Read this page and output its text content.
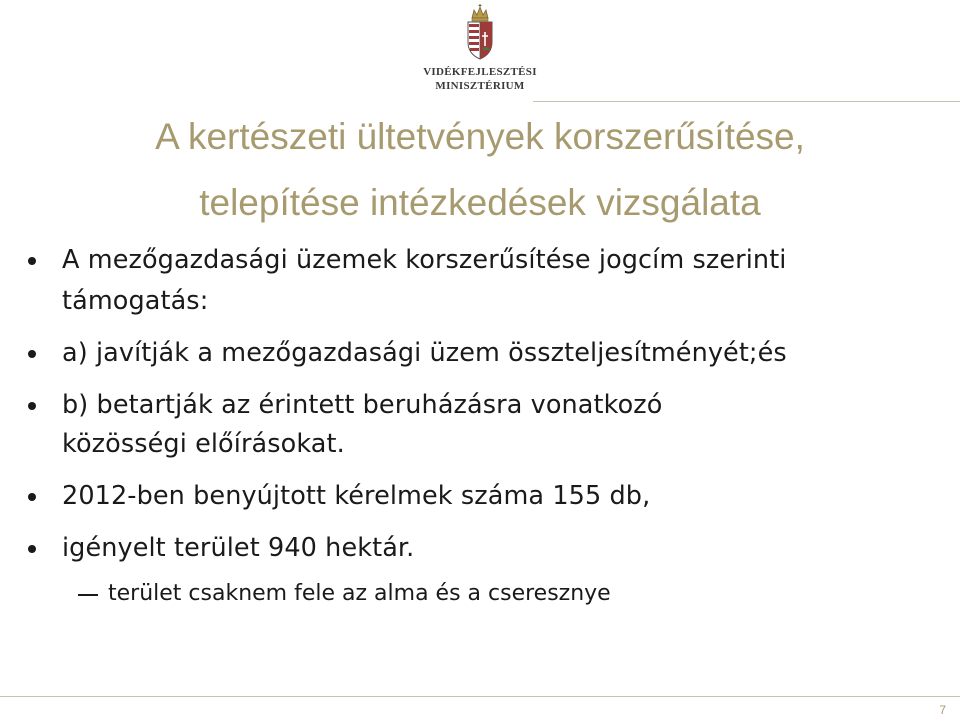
VIDÉKFEJLESZTÉSI
MINISZTÉRIUM
A kertészeti ültetvények korszerűsítése,
telepítése intézkedések vizsgálata
A mezőgazdasági üzemek korszerűsítése jogcím szerinti
támogatás:
a) javítják a mezőgazdasági üzem összteljesítményét;és
b) betartják az érintett beruházásra vonatkozó
közösségi előírásokat.
2012-ben benyújtott kérelmek száma 155 db,
igényelt terület 940 hektár.
terület csaknem fele az alma és a cseresznye
7
